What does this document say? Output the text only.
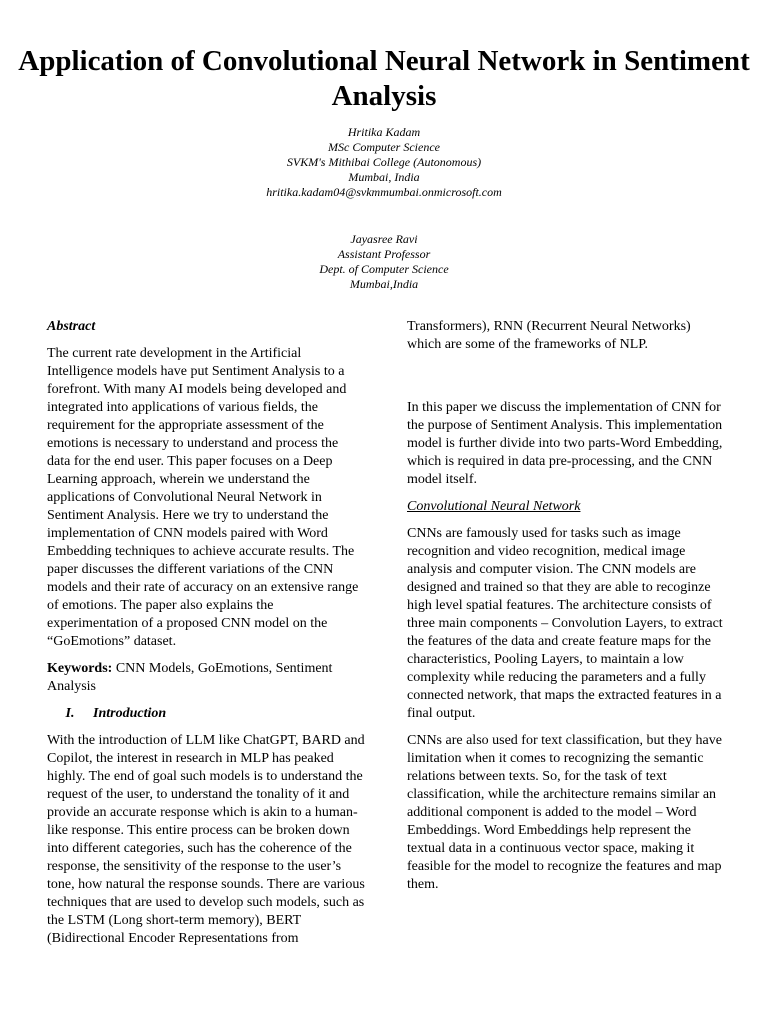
Application of Convolutional Neural Network in Sentiment Analysis
Hritika Kadam
MSc Computer Science
SVKM's Mithibai College (Autonomous)
Mumbai, India
hritika.kadam04@svkmmumbai.onmicrosoft.com
Jayasree Ravi
Assistant Professor
Dept. of Computer Science
Mumbai,India
Abstract

The current rate development in the Artificial Intelligence models have put Sentiment Analysis to a forefront. With many AI models being developed and integrated into applications of various fields, the requirement for the appropriate assessment of the emotions is necessary to understand and process the data for the end user. This paper focuses on a Deep Learning approach, wherein we understand the applications of Convolutional Neural Network in Sentiment Analysis. Here we try to understand the implementation of CNN models paired with Word Embedding techniques to achieve accurate results. The paper discusses the different variations of the CNN models and their rate of accuracy on an extensive range of emotions. The paper also explains the experimentation of a proposed CNN model on the “GoEmotions” dataset.

Keywords: CNN Models, GoEmotions, Sentiment Analysis

I. Introduction

With the introduction of LLM like ChatGPT, BARD and Copilot, the interest in research in MLP has peaked highly. The end of goal such models is to understand the request of the user, to understand the tonality of it and provide an accurate response which is akin to a human-like response. This entire process can be broken down into different categories, such has the coherence of the response, the sensitivity of the response to the user’s tone, how natural the response sounds. There are various techniques that are used to develop such models, such as the LSTM (Long short-term memory), BERT (Bidirectional Encoder Representations from

Transformers), RNN (Recurrent Neural Networks) which are some of the frameworks of NLP.

In this paper we discuss the implementation of CNN for the purpose of Sentiment Analysis. This implementation model is further divide into two parts-Word Embedding, which is required in data pre-processing, and the CNN model itself.

Convolutional Neural Network

CNNs are famously used for tasks such as image recognition and video recognition, medical image analysis and computer vision. The CNN models are designed and trained so that they are able to recoginze high level spatial features. The architecture consists of three main components – Convolution Layers, to extract the features of the data and create feature maps for the characteristics, Pooling Layers, to maintain a low complexity while reducing the parameters and a fully connected network, that maps the extracted features in a final output.

CNNs are also used for text classification, but they have limitation when it comes to recognizing the semantic relations between texts. So, for the task of text classification, while the architecture remains similar an additional component is added to the model – Word Embeddings. Word Embeddings help represent the textual data in a continuous vector space, making it feasible for the model to recognize the features and map them.
